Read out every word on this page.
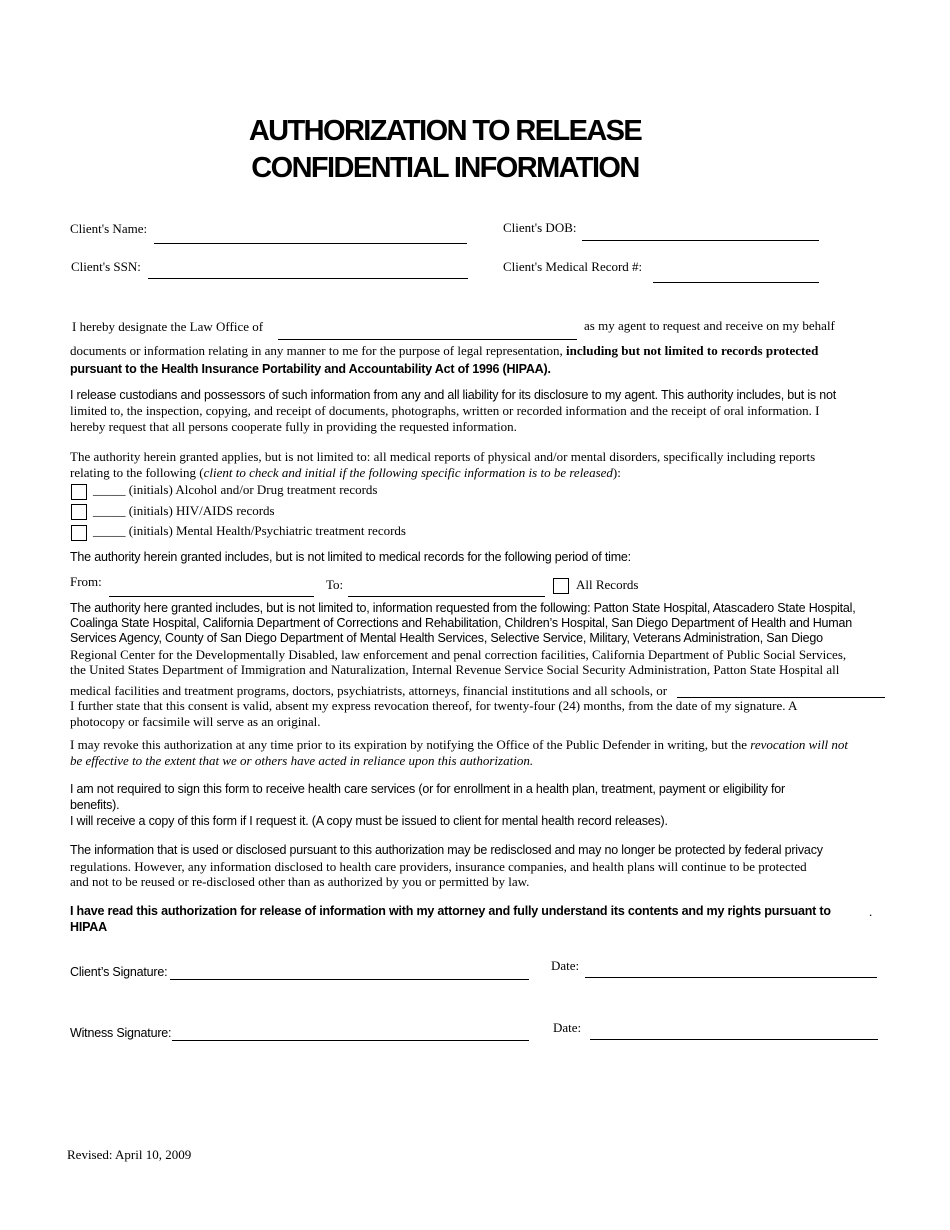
AUTHORIZATION TO RELEASE
CONFIDENTIAL INFORMATION
Client's Name:	Client's DOB:
Client's SSN:	Client's Medical Record #:
I hereby designate the Law Office of	as my agent to request and receive on my behalf
documents or information relating in any manner to me for the purpose of legal representation, including but not limited to records protected
pursuant to the Health Insurance Portability and Accountability Act of 1996 (HIPAA).
I release custodians and possessors of such information from any and all liability for its disclosure to my agent. This authority includes, but is not
limited to, the inspection, copying, and receipt of documents, photographs, written or recorded information and the receipt of oral information. I
hereby request that all persons cooperate fully in providing the requested information.
The authority herein granted applies, but is not limited to: all medical reports of physical and/or mental disorders, specifically including reports
relating to the following (client to check and initial if the following specific information is to be released):
_____ (initials) Alcohol and/or Drug treatment records
_____ (initials) HIV/AIDS records
_____ (initials) Mental Health/Psychiatric treatment records
The authority herein granted includes, but is not limited to medical records for the following period of time:
From:	To:	All Records
The authority here granted includes, but is not limited to, information requested from the following: Patton State Hospital, Atascadero State Hospital,
Coalinga State Hospital, California Department of Corrections and Rehabilitation, Children’s Hospital, San Diego Department of Health and Human
Services Agency, County of San Diego Department of Mental Health Services, Selective Service, Military, Veterans Administration, San Diego
Regional Center for the Developmentally Disabled, law enforcement and penal correction facilities, California Department of Public Social Services,
the United States Department of Immigration and Naturalization, Internal Revenue Service Social Security Administration, Patton State Hospital all
medical facilities and treatment programs, doctors, psychiatrists, attorneys, financial institutions and all schools, or
I further state that this consent is valid, absent my express revocation thereof, for twenty-four (24) months, from the date of my signature. A
photocopy or facsimile will serve as an original.
I may revoke this authorization at any time prior to its expiration by notifying the Office of the Public Defender in writing, but the revocation will not
be effective to the extent that we or others have acted in reliance upon this authorization.
I am not required to sign this form to receive health care services (or for enrollment in a health plan, treatment, payment or eligibility for
benefits).
I will receive a copy of this form if I request it. (A copy must be issued to client for mental health record releases).
The information that is used or disclosed pursuant to this authorization may be redisclosed and may no longer be protected by federal privacy
regulations. However, any information disclosed to health care providers, insurance companies, and health plans will continue to be protected
and not to be reused or re-disclosed other than as authorized by you or permitted by law.
I have read this authorization for release of information with my attorney and fully understand its contents and my rights pursuant to	.
HIPAA
Client’s Signature:	Date:
Witness Signature:	Date:
Revised: April 10, 2009
